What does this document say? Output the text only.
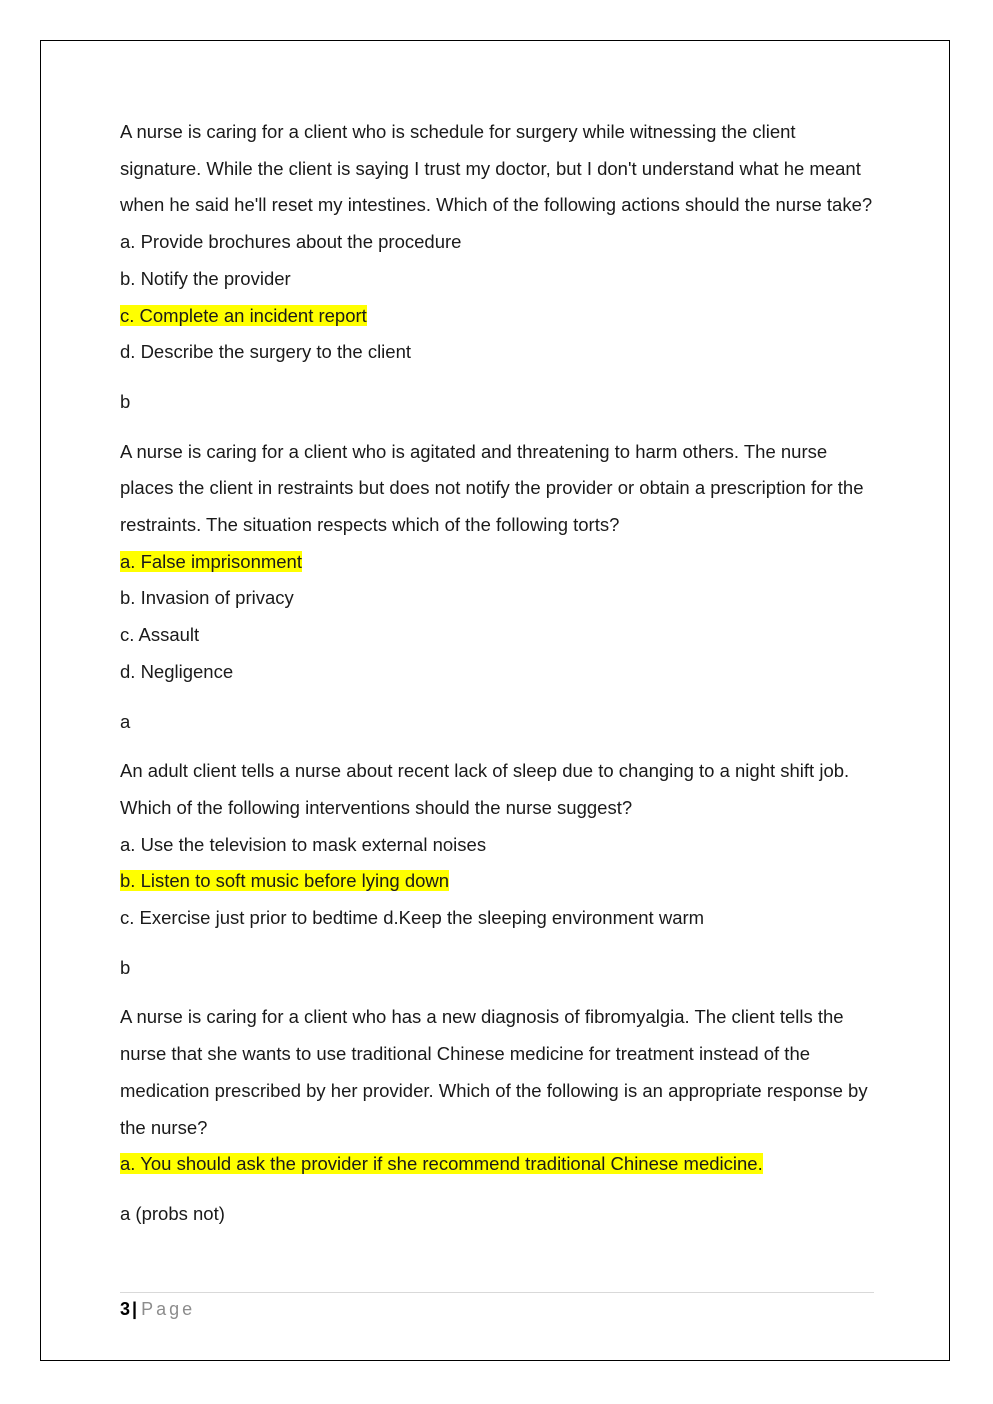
A nurse is caring for a client who is schedule for surgery while witnessing the client signature. While the client is saying I trust my doctor, but I don't understand what he meant when he said he'll reset my intestines. Which of the following actions should the nurse take?

a. Provide brochures about the procedure
b. Notify the provider
c. Complete an incident report
d. Describe the surgery to the client

b

A nurse is caring for a client who is agitated and threatening to harm others. The nurse places the client in restraints but does not notify the provider or obtain a prescription for the restraints. The situation respects which of the following torts?

a. False imprisonment
b. Invasion of privacy
c. Assault
d. Negligence

a

An adult client tells a nurse about recent lack of sleep due to changing to a night shift job. Which of the following interventions should the nurse suggest?

a. Use the television to mask external noises
b. Listen to soft music before lying down
c. Exercise just prior to bedtime d.Keep the sleeping environment warm

b

A nurse is caring for a client who has a new diagnosis of fibromyalgia. The client tells the nurse that she wants to use traditional Chinese medicine for treatment instead of the medication prescribed by her provider. Which of the following is an appropriate response by the nurse?

a. You should ask the provider if she recommend traditional Chinese medicine.

a (probs not)

3 | Page
